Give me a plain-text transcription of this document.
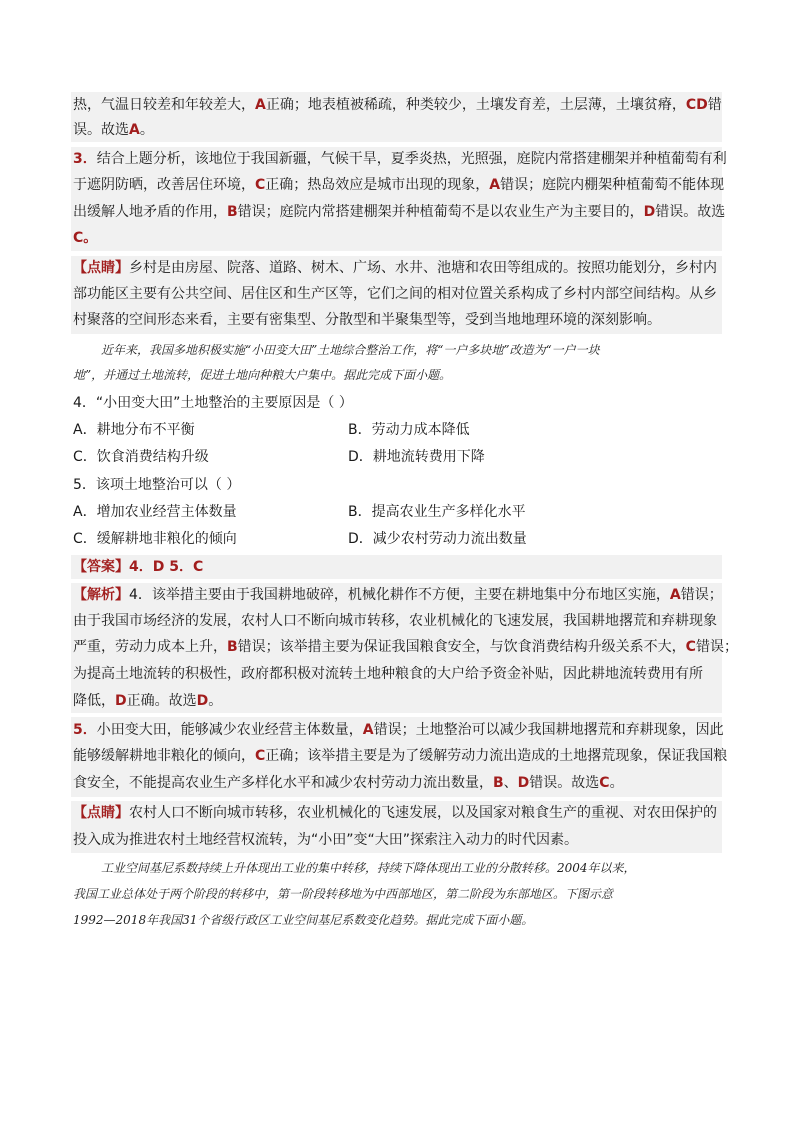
热，气温日较差和年较差大，A正确；地表植被稀疏，种类较少，土壤发育差，土层薄，土壤贫瘠，CD错
误。故选A。
3．结合上题分析，该地位于我国新疆，气候干旱，夏季炎热，光照强，庭院内常搭建棚架并种植葡萄有利
于遮阴防晒，改善居住环境，C正确；热岛效应是城市出现的现象，A错误；庭院内棚架种植葡萄不能体现
出缓解人地矛盾的作用，B错误；庭院内常搭建棚架并种植葡萄不是以农业生产为主要目的，D错误。故选
C。
【点睛】乡村是由房屋、院落、道路、树木、广场、水井、池塘和农田等组成的。按照功能划分，乡村内
部功能区主要有公共空间、居住区和生产区等，它们之间的相对位置关系构成了乡村内部空间结构。从乡
村聚落的空间形态来看，主要有密集型、分散型和半聚集型等，受到当地地理环境的深刻影响。
近年来，我国多地积极实施“小田变大田”土地综合整治工作，将“一户多块地”改造为“一户一块
地”，并通过土地流转，促进土地向种粮大户集中。据此完成下面小题。
4．“小田变大田”土地整治的主要原因是（ ）
A．耕地分布不平衡	B．劳动力成本降低
C．饮食消费结构升级	D．耕地流转费用下降
5．该项土地整治可以（ ）
A．增加农业经营主体数量	B．提高农业生产多样化水平
C．缓解耕地非粮化的倾向	D．减少农村劳动力流出数量
【答案】4．D 5．C
【解析】4．该举措主要由于我国耕地破碎，机械化耕作不方便，主要在耕地集中分布地区实施，A错误；
由于我国市场经济的发展，农村人口不断向城市转移，农业机械化的飞速发展，我国耕地撂荒和弃耕现象
严重，劳动力成本上升，B错误；该举措主要为保证我国粮食安全，与饮食消费结构升级关系不大，C错误；
为提高土地流转的积极性，政府都积极对流转土地种粮食的大户给予资金补贴，因此耕地流转费用有所
降低，D正确。故选D。
5．小田变大田，能够减少农业经营主体数量，A错误；土地整治可以减少我国耕地撂荒和弃耕现象，因此
能够缓解耕地非粮化的倾向，C正确；该举措主要是为了缓解劳动力流出造成的土地撂荒现象，保证我国粮
食安全，不能提高农业生产多样化水平和减少农村劳动力流出数量，B、D错误。故选C。
【点睛】农村人口不断向城市转移，农业机械化的飞速发展，以及国家对粮食生产的重视、对农田保护的
投入成为推进农村土地经营权流转，为“小田”变“大田”探索注入动力的时代因素。
工业空间基尼系数持续上升体现出工业的集中转移，持续下降体现出工业的分散转移。2004年以来，
我国工业总体处于两个阶段的转移中，第一阶段转移地为中西部地区，第二阶段为东部地区。下图示意
1992—2018年我国31个省级行政区工业空间基尼系数变化趋势。据此完成下面小题。
